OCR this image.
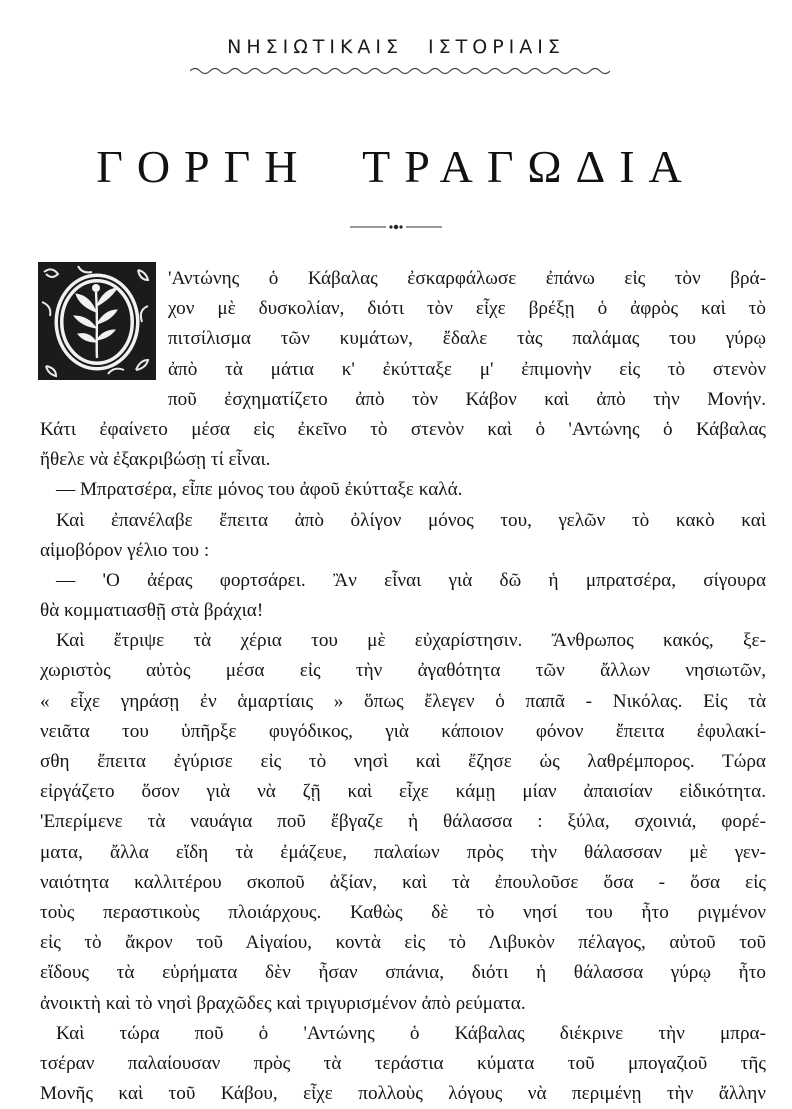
ΝΗΣΙΩΤΙΚΑΙΣ ΙΣΤΟΡΙΑΙΣ
ΓΟΡΓΗ ΤΡΑΓΩΔΙΑ
'Αντώνης ὁ Κάβαλας ἐσκαρφάλωσε ἐπάνω εἰς τὸν βρά-
χον μὲ δυσκολίαν, διότι τὸν εἶχε βρέξῃ ὁ ἀφρὸς καὶ τὸ
πιτσίλισμα τῶν κυμάτων, ἔδαλε τὰς παλάμας του γύρῳ
ἀπὸ τὰ μάτια κ' ἐκύτταξε μ' ἐπιμονὴν εἰς τὸ στενὸν
ποῦ ἐσχηματίζετο ἀπὸ τὸν Κάβον καὶ ἀπὸ τὴν Μονήν.
Κάτι ἐφαίνετο μέσα εἰς ἐκεῖνο τὸ στενὸν καὶ ὁ 'Αντώνης ὁ Κάβαλας
ἤθελε νὰ ἐξακριβώσῃ τί εἶναι.
— Μπρατσέρα, εἶπε μόνος του ἀφοῦ ἐκύτταξε καλά.
Καὶ ἐπανέλαβε ἔπειτα ἀπὸ ὀλίγον μόνος του, γελῶν τὸ κακὸ καὶ
αἱμοβόρον γέλιο του :
— 'Ο ἀέρας φορτσάρει. Ἂν εἶναι γιὰ δῶ ἡ μπρατσέρα, σίγουρα
θὰ κομματιασθῇ στὰ βράχια!
Καὶ ἔτριψε τὰ χέρια του μὲ εὐχαρίστησιν. Ἄνθρωπος κακός, ξε-
χωριστὸς αὐτὸς μέσα εἰς τὴν ἀγαθότητα τῶν ἄλλων νησιωτῶν,
« εἶχε γηράσῃ ἐν ἁμαρτίαις » ὅπως ἔλεγεν ὁ παπᾶ - Νικόλας. Εἰς τὰ
νειᾶτα του ὑπῆρξε φυγόδικος, γιὰ κάποιον φόνον ἔπειτα ἐφυλακί-
σθη ἔπειτα ἐγύρισε εἰς τὸ νησὶ καὶ ἔζησε ὡς λαθρέμπορος. Τώρα
εἰργάζετο ὅσον γιὰ νὰ ζῇ καὶ εἶχε κάμῃ μίαν ἀπαισίαν εἰδικότητα.
'Επερίμενε τὰ ναυάγια ποῦ ἔβγαζε ἡ θάλασσα : ξύλα, σχοινιά, φορέ-
ματα, ἄλλα εἴδη τὰ ἐμάζευε, παλαίων πρὸς τὴν θάλασσαν μὲ γεν-
ναιότητα καλλιτέρου σκοποῦ ἀξίαν, καὶ τὰ ἐπουλοῦσε ὅσα - ὅσα εἰς
τοὺς περαστικοὺς πλοιάρχους. Καθὼς δὲ τὸ νησί του ἦτο ριγμένον
εἰς τὸ ἄκρον τοῦ Αἰγαίου, κοντὰ εἰς τὸ Λιβυκὸν πέλαγος, αὐτοῦ τοῦ
εἴδους τὰ εὑρήματα δὲν ἦσαν σπάνια, διότι ἡ θάλασσα γύρῳ ἦτο
ἀνοικτὴ καὶ τὸ νησὶ βραχῶδες καὶ τριγυρισμένον ἀπὸ ρεύματα.
Καὶ τώρα ποῦ ὁ 'Αντώνης ὁ Κάβαλας διέκρινε τὴν μπρα-
τσέραν παλαίουσαν πρὸς τὰ τεράστια κύματα τοῦ μπογαζιοῦ τῆς
Μονῆς καὶ τοῦ Κάβου, εἶχε πολλοὺς λόγους νὰ περιμένῃ τὴν ἄλλην
